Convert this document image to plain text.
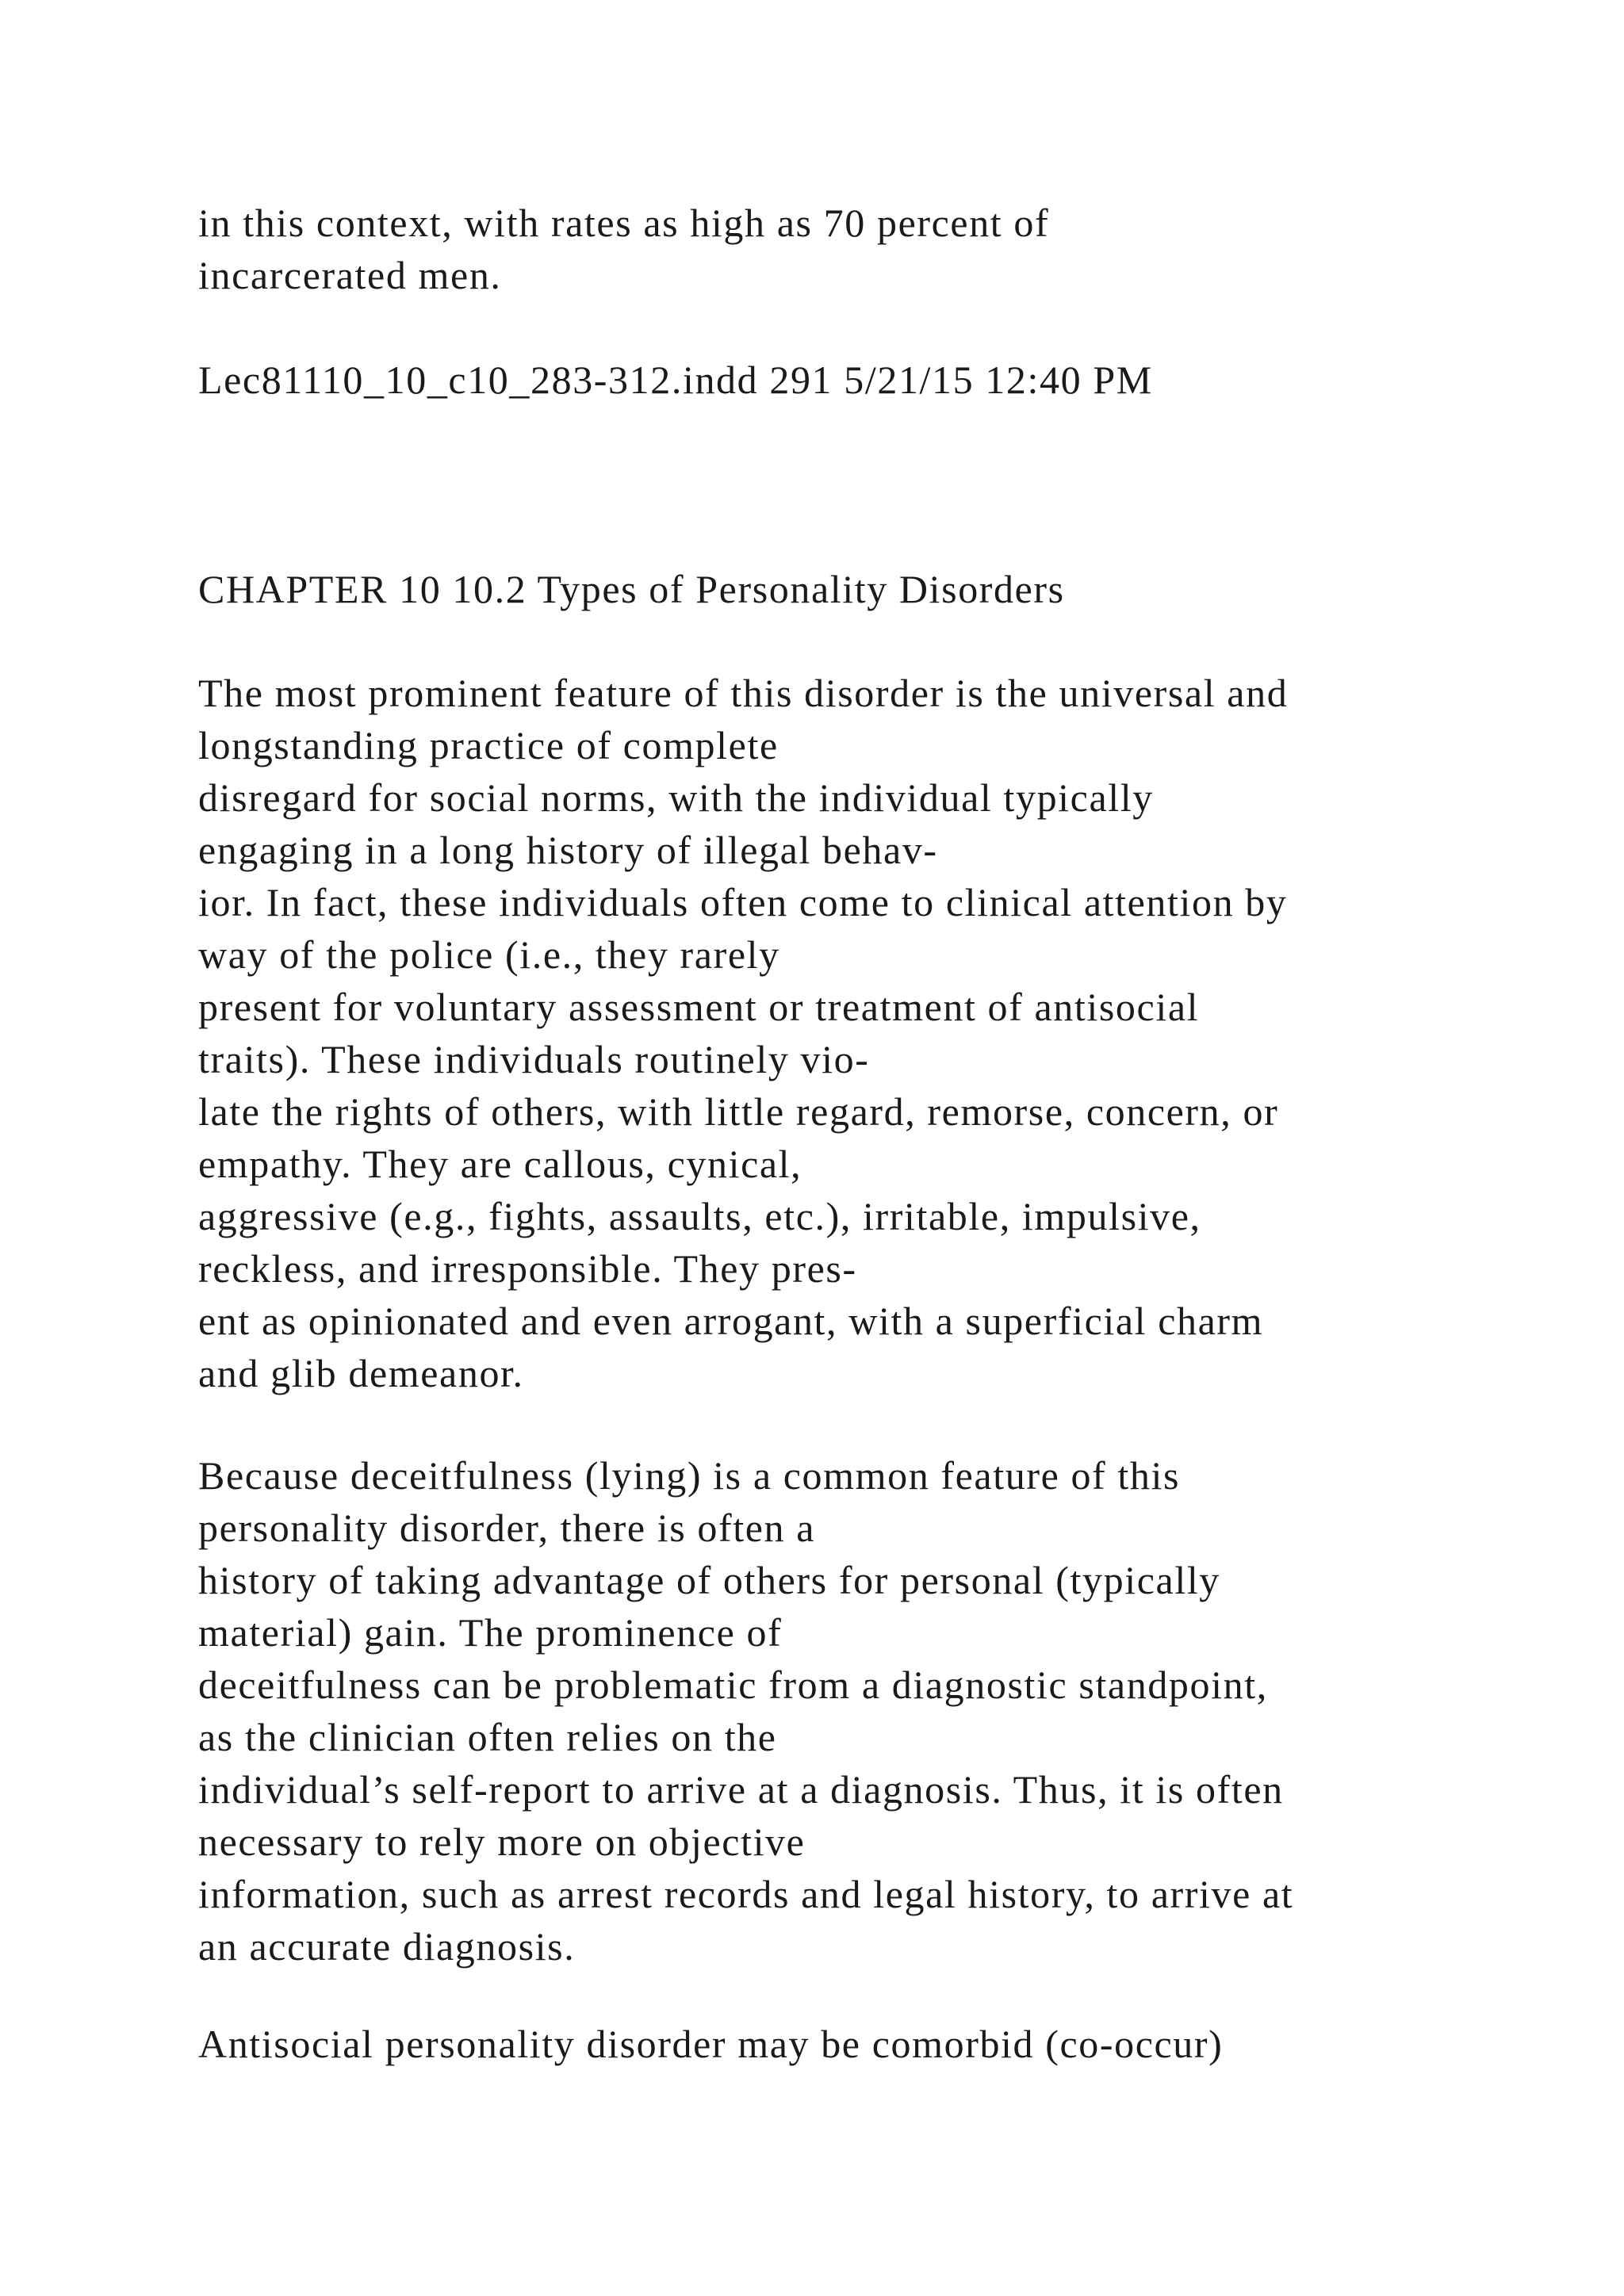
in this context, with rates as high as 70 percent of
incarcerated men.
Lec81110_10_c10_283-312.indd 291 5/21/15 12:40 PM
CHAPTER 10 10.2 Types of Personality Disorders
The most prominent feature of this disorder is the universal and
longstanding practice of complete
disregard for social norms, with the individual typically
engaging in a long history of illegal behav-
ior. In fact, these individuals often come to clinical attention by
way of the police (i.e., they rarely
present for voluntary assessment or treatment of antisocial
traits). These individuals routinely vio-
late the rights of others, with little regard, remorse, concern, or
empathy. They are callous, cynical,
aggressive (e.g., fights, assaults, etc.), irritable, impulsive,
reckless, and irresponsible. They pres-
ent as opinionated and even arrogant, with a superficial charm
and glib demeanor.
Because deceitfulness (lying) is a common feature of this
personality disorder, there is often a
history of taking advantage of others for personal (typically
material) gain. The prominence of
deceitfulness can be problematic from a diagnostic standpoint,
as the clinician often relies on the
individual’s self-report to arrive at a diagnosis. Thus, it is often
necessary to rely more on objective
information, such as arrest records and legal history, to arrive at
an accurate diagnosis.
Antisocial personality disorder may be comorbid (co-occur)
